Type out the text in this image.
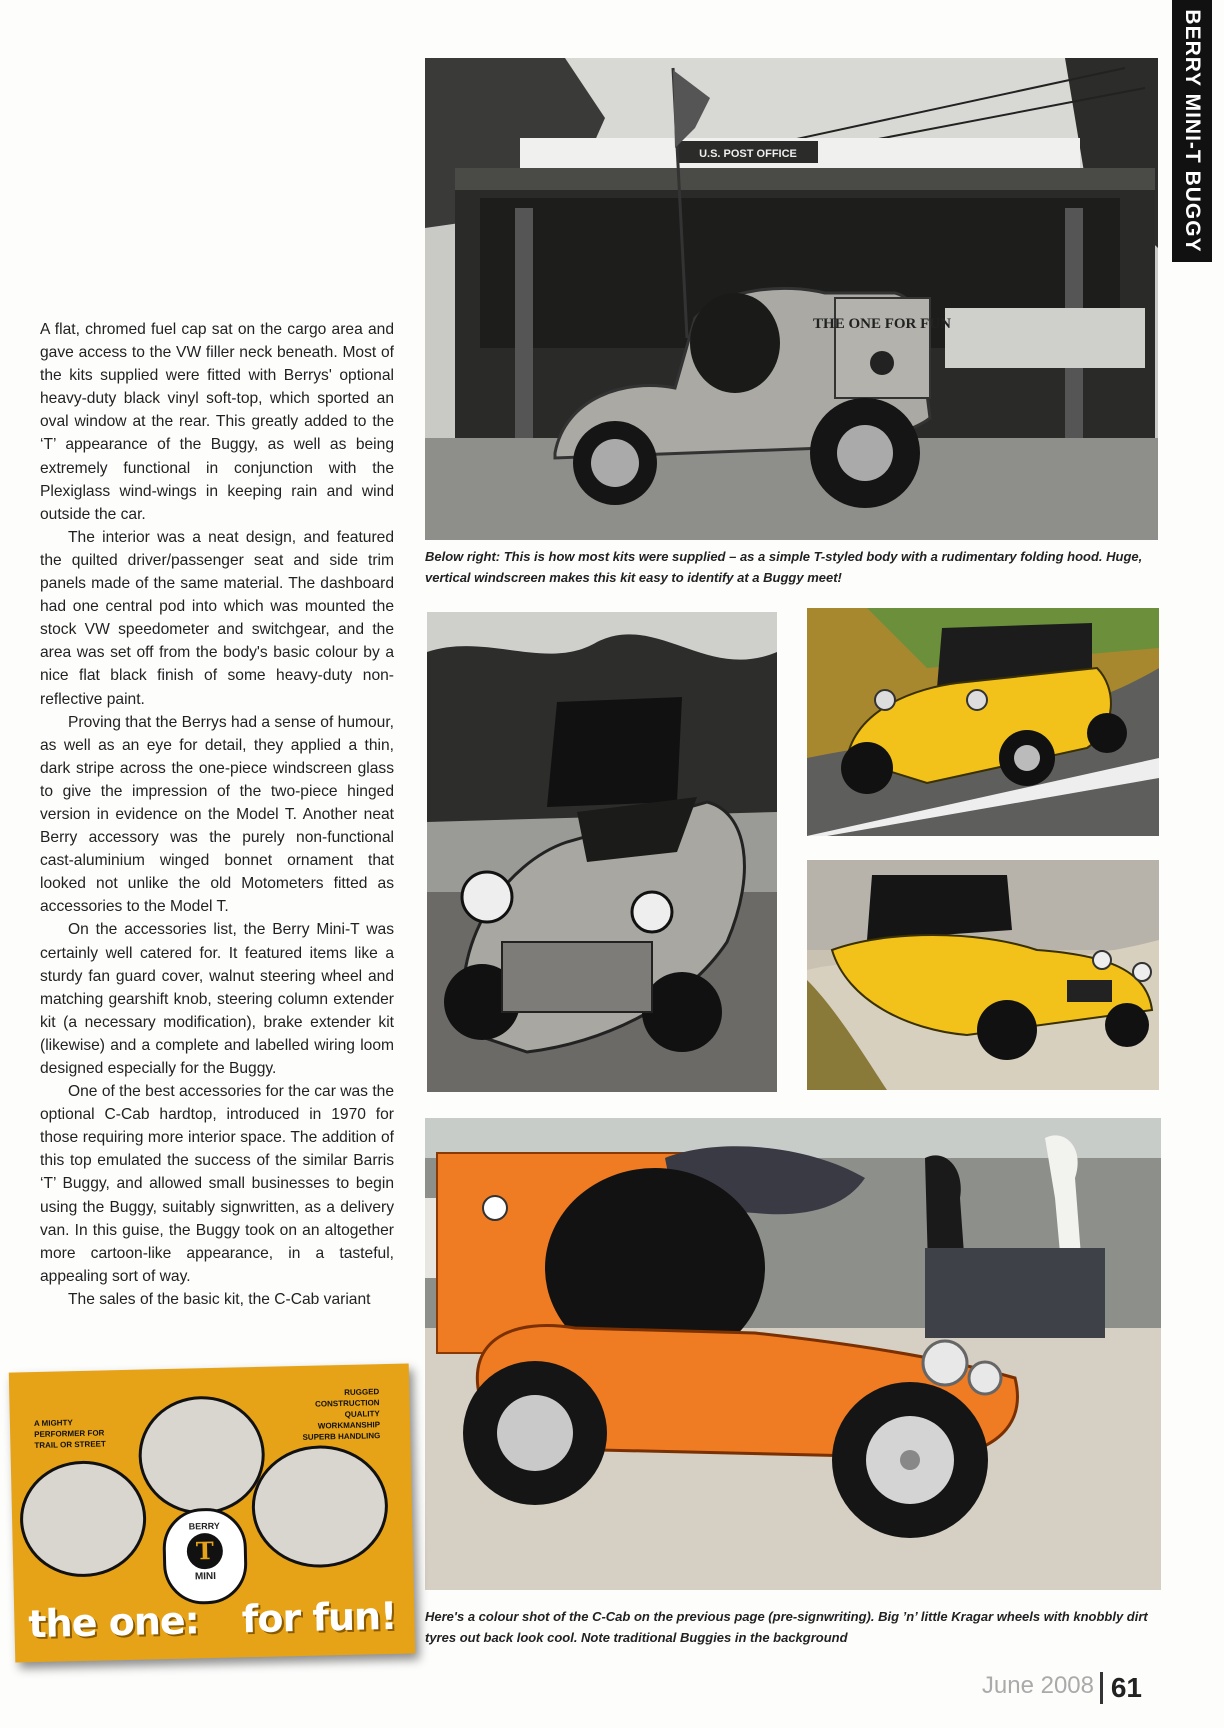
BERRY MINI-T BUGGY

A flat, chromed fuel cap sat on the cargo area and gave access to the VW filler neck beneath. Most of the kits supplied were fitted with Berrys' optional heavy-duty black vinyl soft-top, which sported an oval window at the rear. This greatly added to the ‘T’ appearance of the Buggy, as well as being extremely functional in conjunction with the Plexiglass wind-wings in keeping rain and wind outside the car.

The interior was a neat design, and featured the quilted driver/passenger seat and side trim panels made of the same material. The dashboard had one central pod into which was mounted the stock VW speedometer and switchgear, and the area was set off from the body's basic colour by a nice flat black finish of some heavy-duty non-reflective paint.

Proving that the Berrys had a sense of humour, as well as an eye for detail, they applied a thin, dark stripe across the one-piece windscreen glass to give the impression of the two-piece hinged version in evidence on the Model T. Another neat Berry accessory was the purely non-functional cast-aluminium winged bonnet ornament that looked not unlike the old Motometers fitted as accessories to the Model T.

On the accessories list, the Berry Mini-T was certainly well catered for. It featured items like a sturdy fan guard cover, walnut steering wheel and matching gearshift knob, steering column extender kit (a necessary modification), brake extender kit (likewise) and a complete and labelled wiring loom designed especially for the Buggy.

One of the best accessories for the car was the optional C-Cab hardtop, introduced in 1970 for those requiring more interior space. The addition of this top emulated the success of the similar Barris ‘T’ Buggy, and allowed small businesses to begin using the Buggy, suitably signwritten, as a delivery van. In this guise, the Buggy took on an altogether more cartoon-like appearance, in a tasteful, appealing sort of way.

The sales of the basic kit, the C-Cab variant

U.S. POST OFFICE
THE ONE FOR FUN
Below right: This is how most kits were supplied – as a simple T-styled body with a rudimentary folding hood. Huge, vertical windscreen makes this kit easy to identify at a Buggy meet!
Here's a colour shot of the C-Cab on the previous page (pre-signwriting). Big ’n’ little Kragar wheels with knobbly dirt tyres out back look cool. Note traditional Buggies in the background
A MIGHTY PERFORMER FOR TRAIL OR STREET
RUGGED CONSTRUCTION QUALITY WORKMANSHIP SUPERB HANDLING
BERRY
T
MINI
the one: for fun!
June 2008 61
